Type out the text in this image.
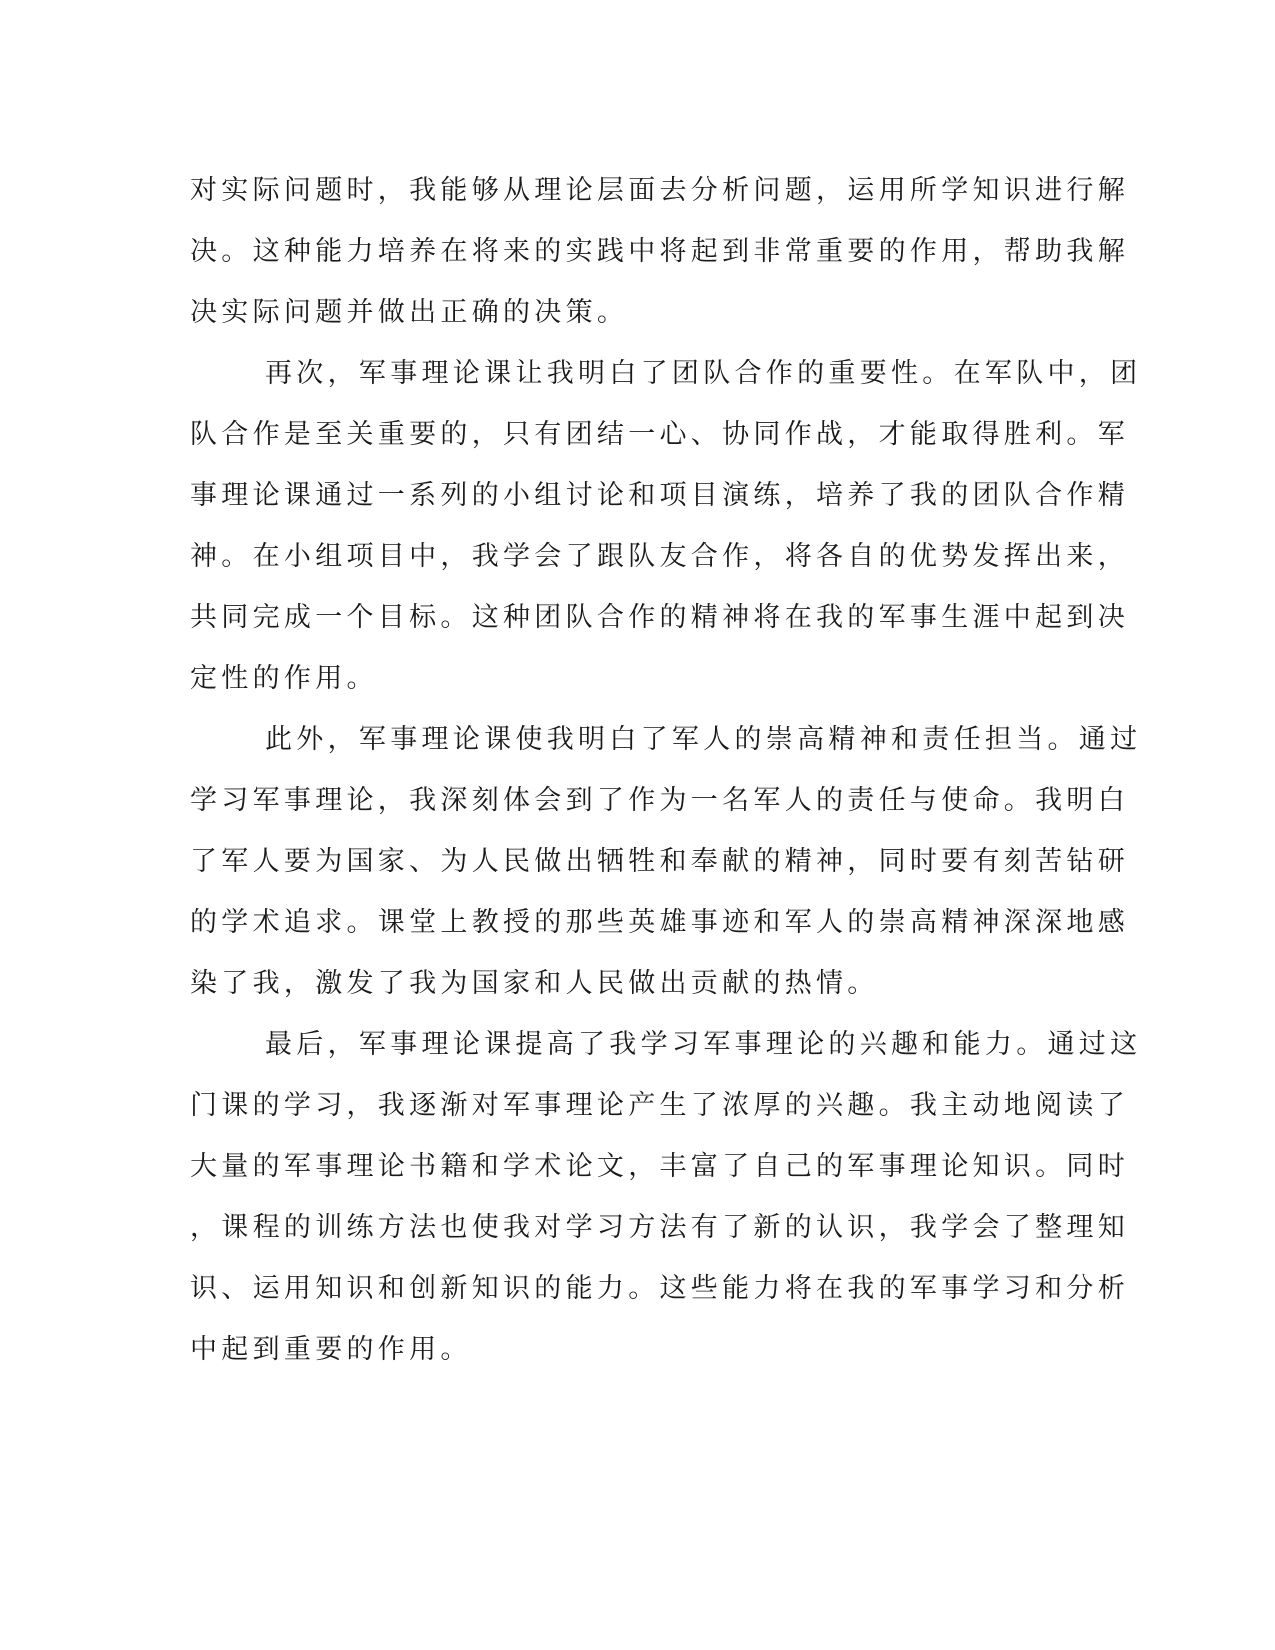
对实际问题时，我能够从理论层面去分析问题，运用所学知识进行解
决。这种能力培养在将来的实践中将起到非常重要的作用，帮助我解
决实际问题并做出正确的决策。
再次，军事理论课让我明白了团队合作的重要性。在军队中，团
队合作是至关重要的，只有团结一心、协同作战，才能取得胜利。军
事理论课通过一系列的小组讨论和项目演练，培养了我的团队合作精
神。在小组项目中，我学会了跟队友合作，将各自的优势发挥出来，
共同完成一个目标。这种团队合作的精神将在我的军事生涯中起到决
定性的作用。
此外，军事理论课使我明白了军人的崇高精神和责任担当。通过
学习军事理论，我深刻体会到了作为一名军人的责任与使命。我明白
了军人要为国家、为人民做出牺牲和奉献的精神，同时要有刻苦钻研
的学术追求。课堂上教授的那些英雄事迹和军人的崇高精神深深地感
染了我，激发了我为国家和人民做出贡献的热情。
最后，军事理论课提高了我学习军事理论的兴趣和能力。通过这
门课的学习，我逐渐对军事理论产生了浓厚的兴趣。我主动地阅读了
大量的军事理论书籍和学术论文，丰富了自己的军事理论知识。同时
，课程的训练方法也使我对学习方法有了新的认识，我学会了整理知
识、运用知识和创新知识的能力。这些能力将在我的军事学习和分析
中起到重要的作用。
